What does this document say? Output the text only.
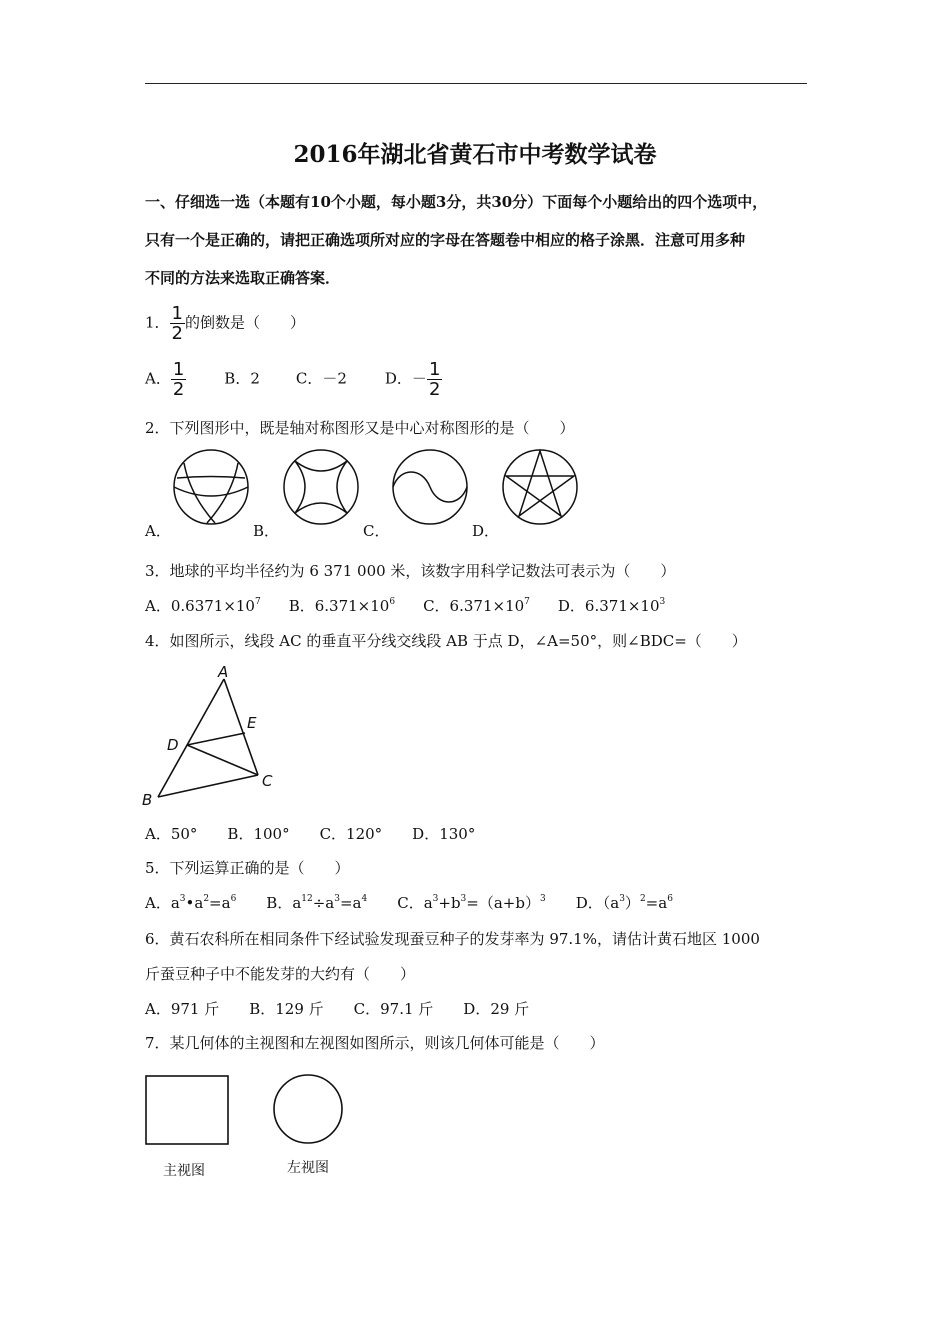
2016年湖北省黄石市中考数学试卷
一、仔细选一选（本题有10个小题，每小题3分，共30分）下面每个小题给出的四个选项中，
只有一个是正确的，请把正确选项所对应的字母在答题卷中相应的格子涂黑．注意可用多种
不同的方法来选取正确答案．
1． $\frac{1}{2}$ 的倒数是（　　）
A． $\frac{1}{2}$	B．2 C．－2	D．－ $\frac{1}{2}$
2．下列图形中，既是轴对称图形又是中心对称图形的是（　　）
A．	B．	C．	D．
3．地球的平均半径约为 6 371 000 米，该数字用科学记数法可表示为（　　）
A．$0.6371\times 10^7$ B．$6.371\times 10^6$ C．$6.371\times 10^7$ D．$6.371\times 10^3$
4．如图所示，线段 AC 的垂直平分线交线段 AB 于点 D，∠A=50°，则∠BDC=（　　）
A
B
C
D
E
A．50°　　B．100°　　C．120°　　D．130°
5．下列运算正确的是（　　）
A．$a^3•a^2=a^6$ B．$a^{12}\div a^3=a^4$ C．$a^3+b^3=(a+b)^3$ D．$(a^3)^2=a^6$
6．黄石农科所在相同条件下经试验发现蚕豆种子的发芽率为 97.1%，请估计黄石地区 1000
斤蚕豆种子中不能发芽的大约有（　　）
A．971 斤　　B．129 斤　　C．97.1 斤　　D．29 斤
7．某几何体的主视图和左视图如图所示，则该几何体可能是（　　）
主视图	左视图
